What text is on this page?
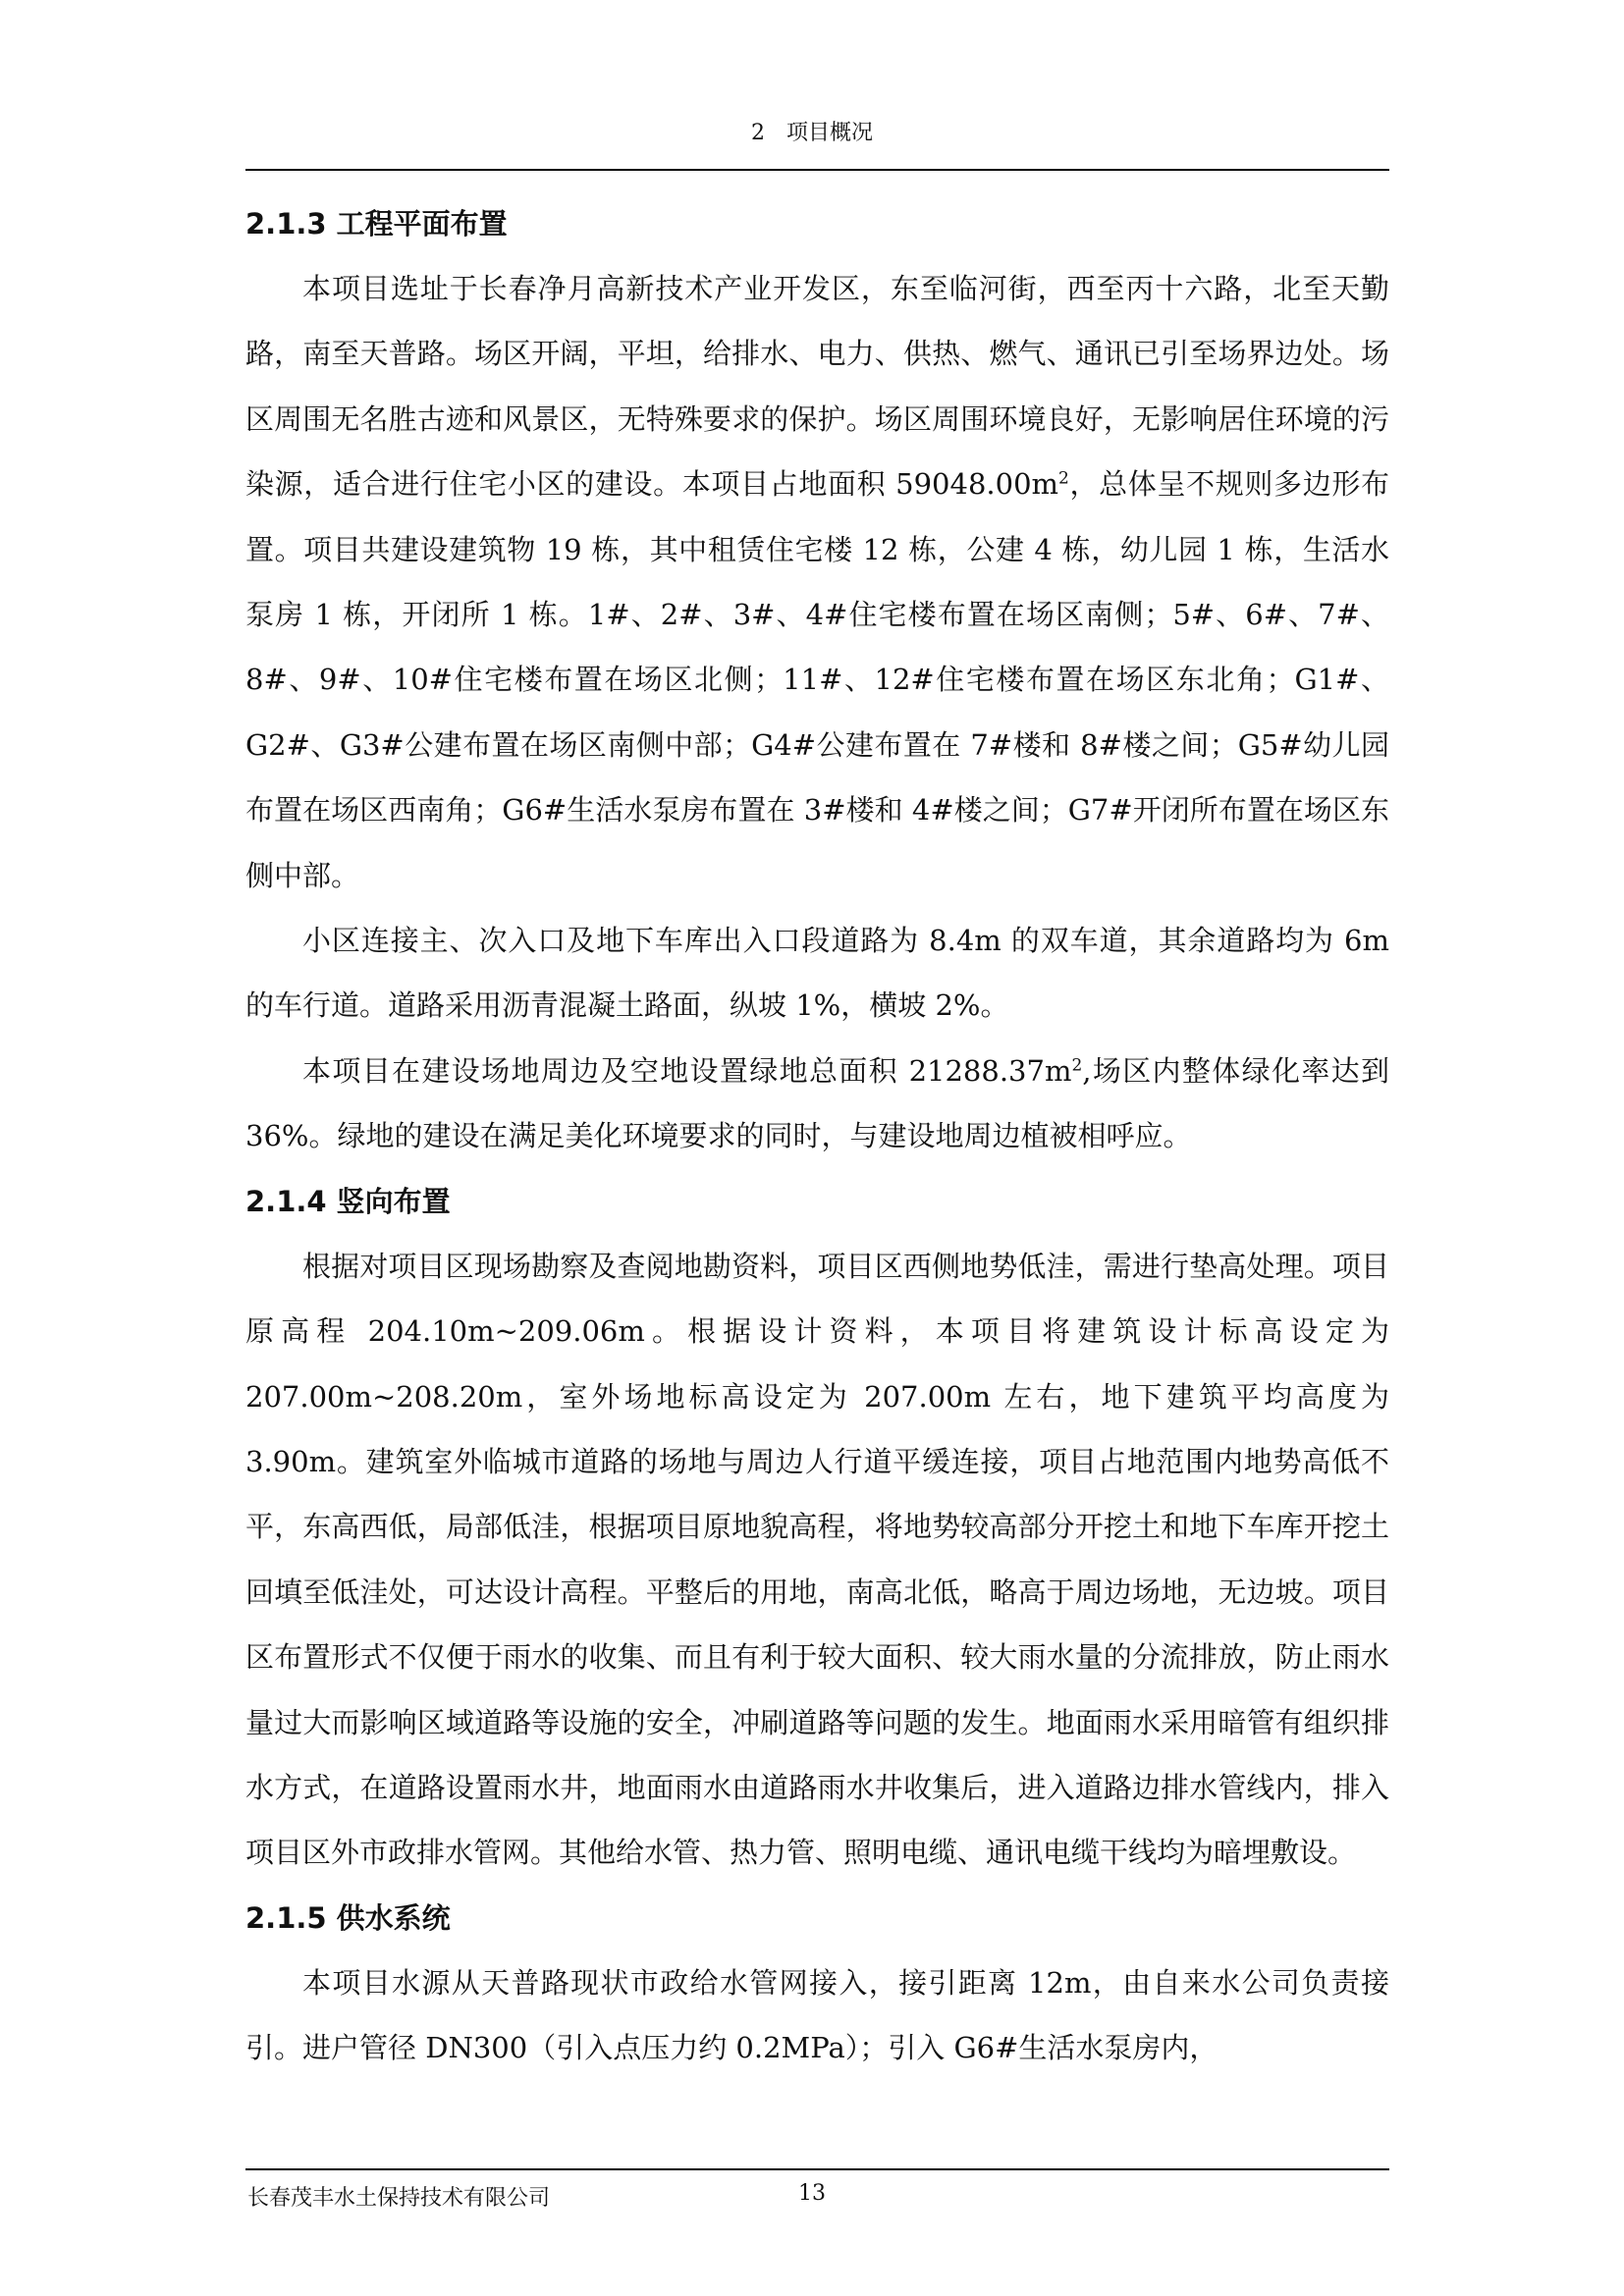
2　项目概况
2.1.3 工程平面布置

本项目选址于长春净月高新技术产业开发区，东至临河街，西至丙十六路，北至天勤路，南至天普路。场区开阔，平坦，给排水、电力、供热、燃气、通讯已引至场界边处。场区周围无名胜古迹和风景区，无特殊要求的保护。场区周围环境良好，无影响居住环境的污染源，适合进行住宅小区的建设。本项目占地面积 $59048.00m^2$，总体呈不规则多边形布置。项目共建设建筑物 19 栋，其中租赁住宅楼 12 栋，公建 4 栋，幼儿园 1 栋，生活水泵房 1 栋，开闭所 1 栋。1#、2#、3#、4#住宅楼布置在场区南侧；5#、6#、7#、8#、9#、10#住宅楼布置在场区北侧；11#、12#住宅楼布置在场区东北角；G1#、G2#、G3#公建布置在场区南侧中部；G4#公建布置在 7#楼和 8#楼之间；G5#幼儿园布置在场区西南角；G6#生活水泵房布置在 3#楼和 4#楼之间；G7#开闭所布置在场区东侧中部。

小区连接主、次入口及地下车库出入口段道路为 8.4m 的双车道，其余道路均为 6m 的车行道。道路采用沥青混凝土路面，纵坡 1%，横坡 2%。

本项目在建设场地周边及空地设置绿地总面积 $21288.37m^2$,场区内整体绿化率达到 36%。绿地的建设在满足美化环境要求的同时，与建设地周边植被相呼应。

2.1.4 竖向布置

根据对项目区现场勘察及查阅地勘资料，项目区西侧地势低洼，需进行垫高处理。项目原高程 204.10m~209.06m。根据设计资料，本项目将建筑设计标高设定为 207.00m~208.20m，室外场地标高设定为 207.00m 左右，地下建筑平均高度为 3.90m。建筑室外临城市道路的场地与周边人行道平缓连接，项目占地范围内地势高低不平，东高西低，局部低洼，根据项目原地貌高程，将地势较高部分开挖土和地下车库开挖土回填至低洼处，可达设计高程。平整后的用地，南高北低，略高于周边场地，无边坡。项目区布置形式不仅便于雨水的收集、而且有利于较大面积、较大雨水量的分流排放，防止雨水量过大而影响区域道路等设施的安全，冲刷道路等问题的发生。地面雨水采用暗管有组织排水方式，在道路设置雨水井，地面雨水由道路雨水井收集后，进入道路边排水管线内，排入项目区外市政排水管网。其他给水管、热力管、照明电缆、通讯电缆干线均为暗埋敷设。

2.1.5 供水系统

本项目水源从天普路现状市政给水管网接入，接引距离 12m，由自来水公司负责接引。进户管径 DN300（引入点压力约 0.2MPa）；引入 G6#生活水泵房内，

长春茂丰水土保持技术有限公司	13
